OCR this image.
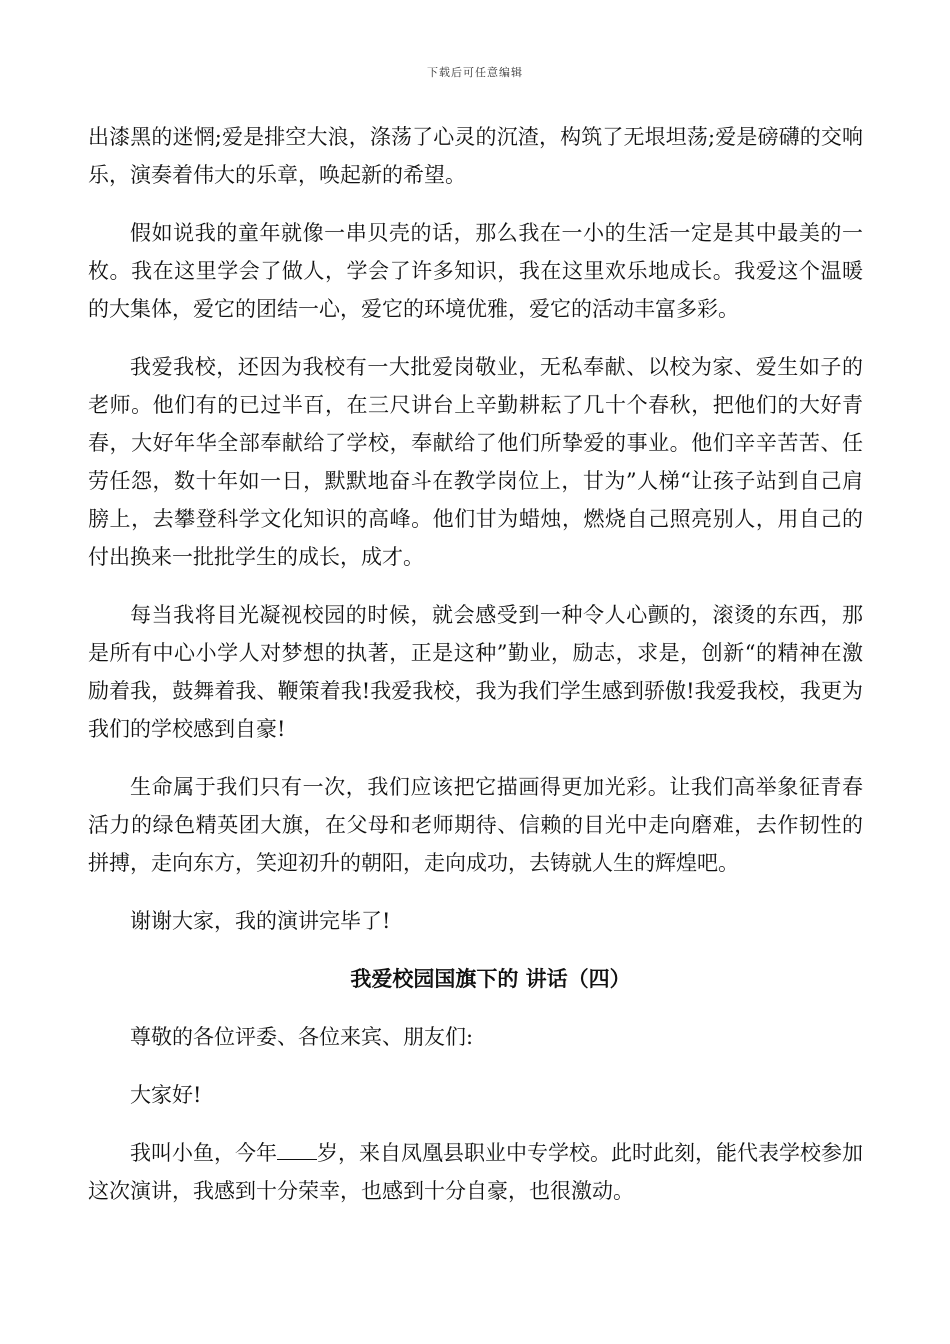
下载后可任意编辑

出漆黑的迷惘;爱是排空大浪，涤荡了心灵的沉渣，构筑了无垠坦荡;爱是磅礴的交响乐，演奏着伟大的乐章，唤起新的希望。

假如说我的童年就像一串贝壳的话，那么我在一小的生活一定是其中最美的一枚。我在这里学会了做人，学会了许多知识，我在这里欢乐地成长。我爱这个温暖的大集体，爱它的团结一心，爱它的环境优雅，爱它的活动丰富多彩。

我爱我校，还因为我校有一大批爱岗敬业，无私奉献、以校为家、爱生如子的老师。他们有的已过半百，在三尺讲台上辛勤耕耘了几十个春秋，把他们的大好青春，大好年华全部奉献给了学校，奉献给了他们所挚爱的事业。他们辛辛苦苦、任劳任怨，数十年如一日，默默地奋斗在教学岗位上，甘为”人梯“让孩子站到自己肩膀上，去攀登科学文化知识的高峰。他们甘为蜡烛，燃烧自己照亮别人，用自己的付出换来一批批学生的成长，成才。

每当我将目光凝视校园的时候，就会感受到一种令人心颤的，滚烫的东西，那是所有中心小学人对梦想的执著，正是这种”勤业，励志，求是，创新“的精神在激励着我，鼓舞着我、鞭策着我!我爱我校，我为我们学生感到骄傲!我爱我校，我更为我们的学校感到自豪!

生命属于我们只有一次，我们应该把它描画得更加光彩。让我们高举象征青春活力的绿色精英团大旗，在父母和老师期待、信赖的目光中走向磨难，去作韧性的拼搏，走向东方，笑迎初升的朝阳，走向成功，去铸就人生的辉煌吧。

谢谢大家，我的演讲完毕了!

我爱校园国旗下的 讲话（四）

尊敬的各位评委、各位来宾、朋友们:

大家好!

我叫小鱼，今年 岁，来自凤凰县职业中专学校。此时此刻，能代表学校参加这次演讲，我感到十分荣幸，也感到十分自豪，也很激动。
